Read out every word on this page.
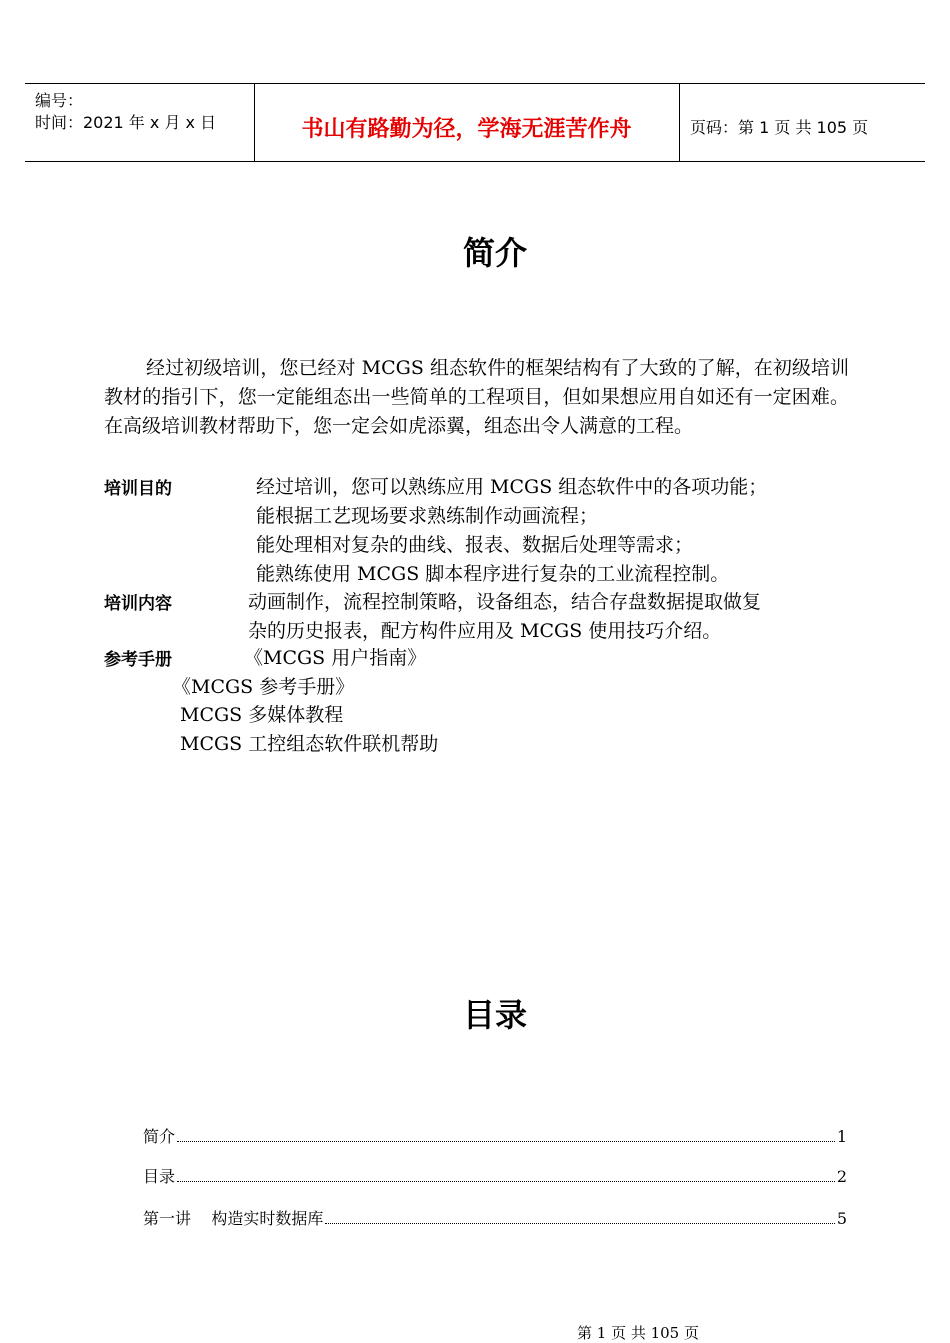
编号：
时间：2021 年 x 月 x 日	书山有路勤为径，学海无涯苦作舟	页码：第 1 页 共 105 页
简介
经过初级培训，您已经对 MCGS 组态软件的框架结构有了大致的了解，在初级培训教材的指引下，您一定能组态出一些简单的工程项目，但如果想应用自如还有一定困难。在高级培训教材帮助下，您一定会如虎添翼，组态出令人满意的工程。
培训目的	经过培训，您可以熟练应用 MCGS 组态软件中的各项功能；
能根据工艺现场要求熟练制作动画流程；
能处理相对复杂的曲线、报表、数据后处理等需求；
能熟练使用 MCGS 脚本程序进行复杂的工业流程控制。
培训内容	动画制作，流程控制策略，设备组态，结合存盘数据提取做复
杂的历史报表，配方构件应用及 MCGS 使用技巧介绍。
参考手册	《MCGS 用户指南》
《MCGS 参考手册》
MCGS 多媒体教程
MCGS 工控组态软件联机帮助
目录
简介	1
目录	2
第一讲    构造实时数据库	5
第 1 页 共 105 页
